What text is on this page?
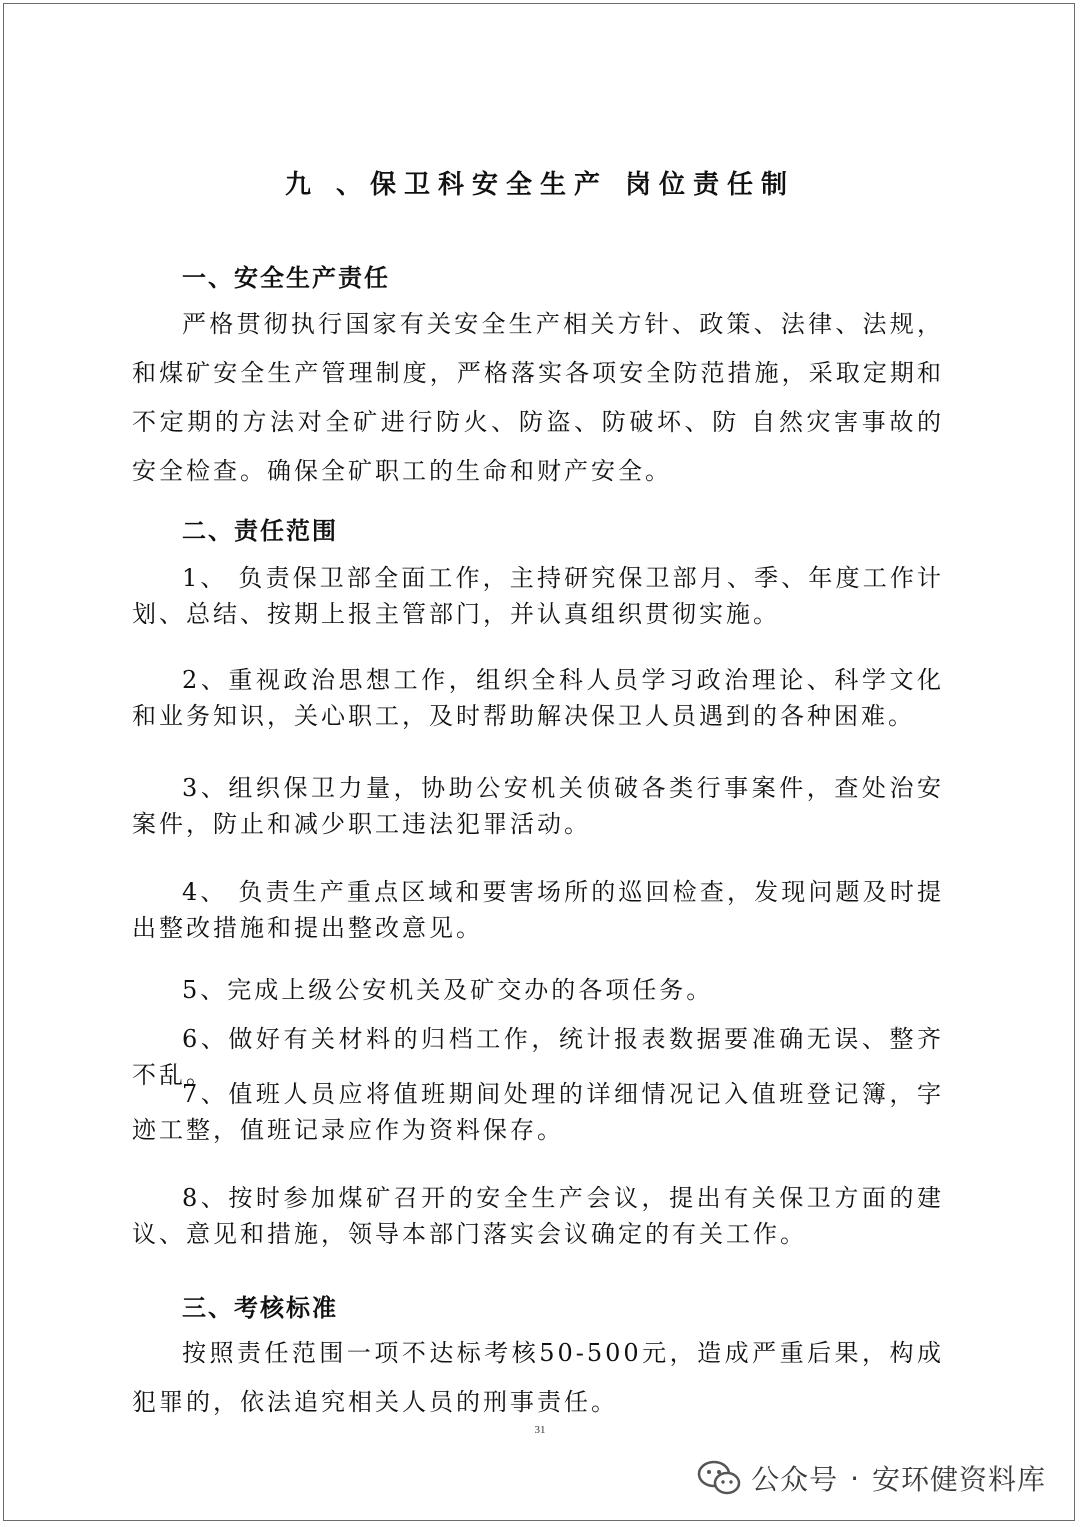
九 、保卫科安全生产 岗位责任制
一、安全生产责任

严格贯彻执行国家有关安全生产相关方针、政策、法律、法规，和煤矿安全生产管理制度，严格落实各项安全防范措施，采取定期和不定期的方法对全矿进行防火、防盗、防破坏、防 自然灾害事故的安全检查。确保全矿职工的生命和财产安全。

二、责任范围

1、 负责保卫部全面工作，主持研究保卫部月、季、年度工作计划、总结、按期上报主管部门，并认真组织贯彻实施。

2、重视政治思想工作，组织全科人员学习政治理论、科学文化和业务知识，关心职工，及时帮助解决保卫人员遇到的各种困难。

3、组织保卫力量，协助公安机关侦破各类行事案件，查处治安案件，防止和减少职工违法犯罪活动。

4、 负责生产重点区域和要害场所的巡回检查，发现问题及时提出整改措施和提出整改意见。

5、完成上级公安机关及矿交办的各项任务。

6、做好有关材料的归档工作，统计报表数据要准确无误、整齐不乱。

7、值班人员应将值班期间处理的详细情况记入值班登记簿，字迹工整，值班记录应作为资料保存。

8、按时参加煤矿召开的安全生产会议，提出有关保卫方面的建议、意见和措施，领导本部门落实会议确定的有关工作。

三、考核标准

按照责任范围一项不达标考核50-500元，造成严重后果，构成犯罪的，依法追究相关人员的刑事责任。

31
公众号 · 安环健资料库
